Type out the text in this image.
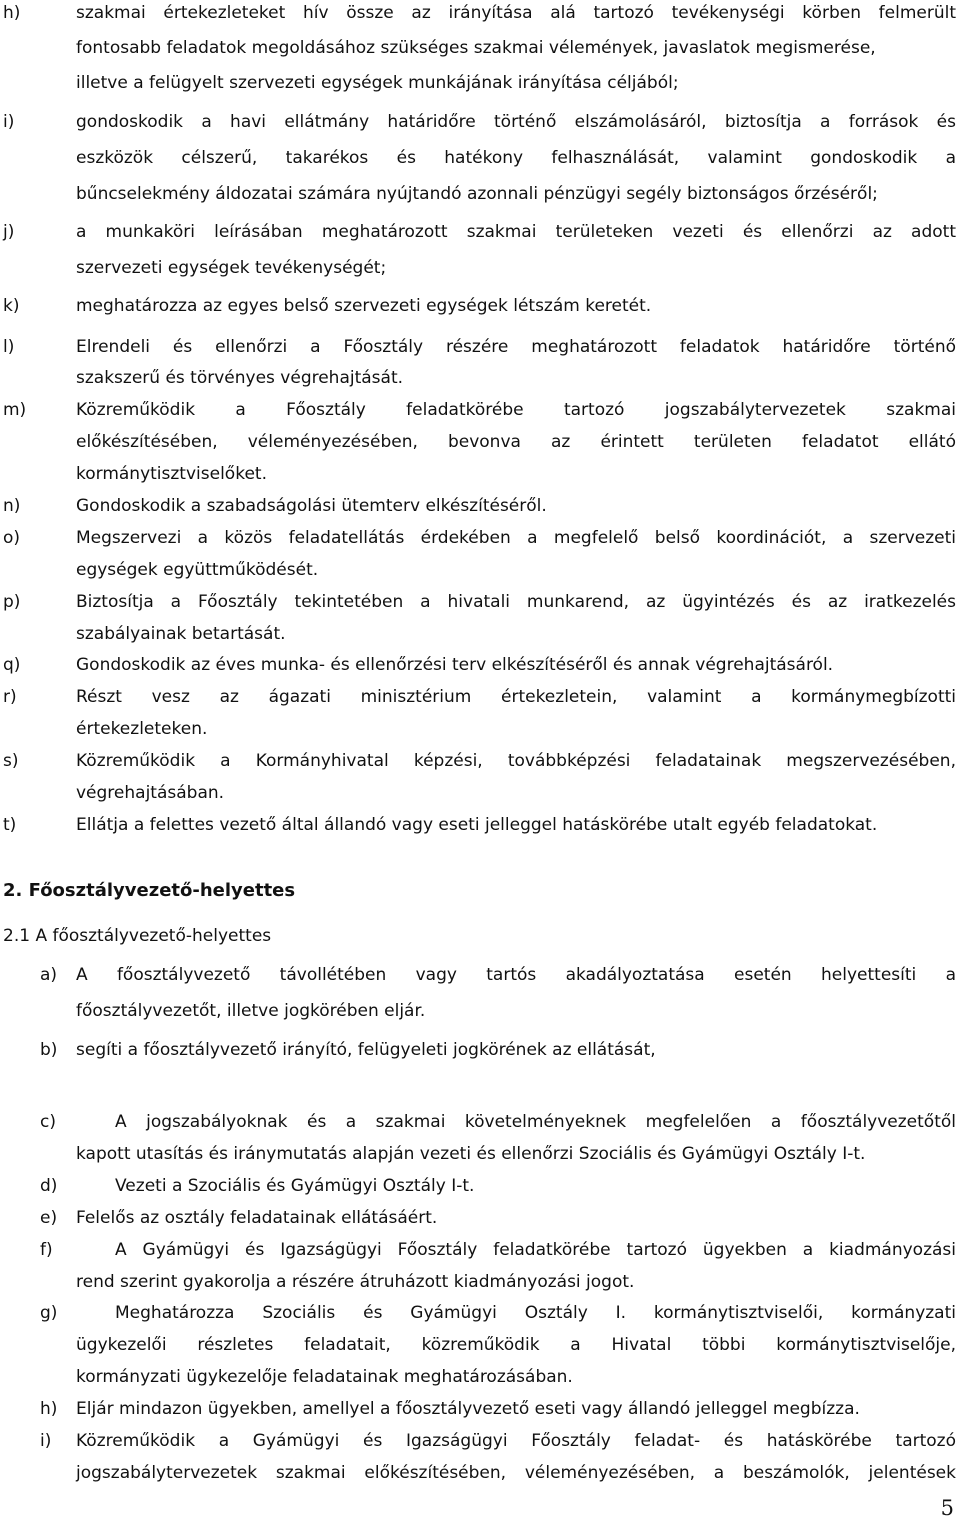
h)	szakmai értekezleteket hív össze az irányítása alá tartozó tevékenységi körben felmerült
fontosabb feladatok megoldásához szükséges szakmai vélemények, javaslatok megismerése,
illetve a felügyelt szervezeti egységek munkájának irányítása céljából;
i)	gondoskodik a havi ellátmány határidőre történő elszámolásáról, biztosítja a források és
eszközök célszerű, takarékos és hatékony felhasználását, valamint gondoskodik a
bűncselekmény áldozatai számára nyújtandó azonnali pénzügyi segély biztonságos őrzéséről;
j)	a munkaköri leírásában meghatározott szakmai területeken vezeti és ellenőrzi az adott
szervezeti egységek tevékenységét;
k)	meghatározza az egyes belső szervezeti egységek létszám keretét.
l)	Elrendeli és ellenőrzi a Főosztály részére meghatározott feladatok határidőre történő
szakszerű és törvényes végrehajtását.
m)	Közreműködik a Főosztály feladatkörébe tartozó jogszabálytervezetek szakmai
előkészítésében, véleményezésében, bevonva az érintett területen feladatot ellátó
kormánytisztviselőket.
n)	Gondoskodik a szabadságolási ütemterv elkészítéséről.
o)	Megszervezi a közös feladatellátás érdekében a megfelelő belső koordinációt, a szervezeti
egységek együttműködését.
p)	Biztosítja a Főosztály tekintetében a hivatali munkarend, az ügyintézés és az iratkezelés
szabályainak betartását.
q)	Gondoskodik az éves munka- és ellenőrzési terv elkészítéséről és annak végrehajtásáról.
r)	Részt vesz az ágazati minisztérium értekezletein, valamint a kormánymegbízotti
értekezleteken.
s)	Közreműködik a Kormányhivatal képzési, továbbképzési feladatainak megszervezésében,
végrehajtásában.
t)	Ellátja a felettes vezető által állandó vagy eseti jelleggel hatáskörébe utalt egyéb feladatokat.
2. Főosztályvezető-helyettes
2.1 A főosztályvezető-helyettes
a) A főosztályvezető távollétében vagy tartós akadályoztatása esetén helyettesíti a
főosztályvezetőt, illetve jogkörében eljár.
b) segíti a főosztályvezető irányító, felügyeleti jogkörének az ellátását,
c)	A jogszabályoknak és a szakmai követelményeknek megfelelően a főosztályvezetőtől
kapott utasítás és iránymutatás alapján vezeti és ellenőrzi Szociális és Gyámügyi Osztály I-t.
d)	Vezeti a Szociális és Gyámügyi Osztály I-t.
e) Felelős az osztály feladatainak ellátásáért.
f)	A Gyámügyi és Igazságügyi Főosztály feladatkörébe tartozó ügyekben a kiadmányozási
rend szerint gyakorolja a részére átruházott kiadmányozási jogot.
g)	Meghatározza Szociális és Gyámügyi Osztály I. kormánytisztviselői, kormányzati
ügykezelői részletes feladatait, közreműködik a Hivatal többi kormánytisztviselője,
kormányzati ügykezelője feladatainak meghatározásában.
h) Eljár mindazon ügyekben, amellyel a főosztályvezető eseti vagy állandó jelleggel megbízza.
i) Közreműködik a Gyámügyi és Igazságügyi Főosztály feladat- és hatáskörébe tartozó
jogszabálytervezetek szakmai előkészítésében, véleményezésében, a beszámolók, jelentések
5
